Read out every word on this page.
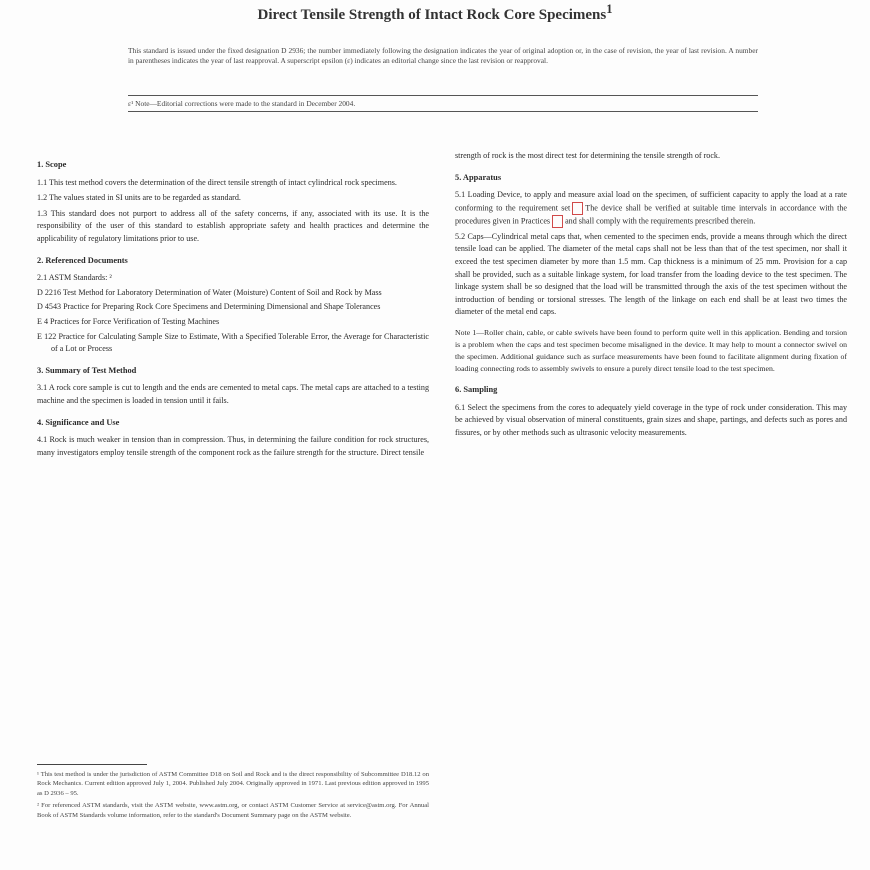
Direct Tensile Strength of Intact Rock Core Specimens$^1$
This standard is issued under the fixed designation D 2936; the number immediately following the designation indicates the year of original adoption or, in the case of revision, the year of last revision. A number in parentheses indicates the year of last reapproval. A superscript epsilon (ε) indicates an editorial change since the last revision or reapproval.
ε¹ Note—Editorial corrections were made to the standard in December 2004.
1. Scope
1.1 This test method covers the determination of the direct tensile strength of intact cylindrical rock specimens.
1.2 The values stated in SI units are to be regarded as standard.
1.3 This standard does not purport to address all of the safety concerns, if any, associated with its use. It is the responsibility of the user of this standard to establish appropriate safety and health practices and determine the applicability of regulatory limitations prior to use.
2. Referenced Documents
2.1 ASTM Standards: ²
D 2216 Test Method for Laboratory Determination of Water (Moisture) Content of Soil and Rock by Mass
D 4543 Practice for Preparing Rock Core Specimens and Determining Dimensional and Shape Tolerances
E 4 Practices for Force Verification of Testing Machines
E 122 Practice for Calculating Sample Size to Estimate, With a Specified Tolerable Error, the Average for Characteristic of a Lot or Process
3. Summary of Test Method
3.1 A rock core sample is cut to length and the ends are cemented to metal caps. The metal caps are attached to a testing machine and the specimen is loaded in tension until it fails.
4. Significance and Use
4.1 Rock is much weaker in tension than in compression. Thus, in determining the failure condition for rock structures, many investigators employ tensile strength of the component rock as the failure strength for the structure. Direct tensile
¹ This test method is under the jurisdiction of ASTM Committee D18 on Soil and Rock and is the direct responsibility of Subcommittee D18.12 on Rock Mechanics. Current edition approved July 1, 2004. Published July 2004. Originally approved in 1971. Last previous edition approved in 1995 as D 2936 – 95.
² For referenced ASTM standards, visit the ASTM website, www.astm.org, or contact ASTM Customer Service at service@astm.org. For Annual Book of ASTM Standards volume information, refer to the standard's Document Summary page on the ASTM website.
strength of rock is the most direct test for determining the tensile strength of rock.
5. Apparatus
5.1 Loading Device, to apply and measure axial load on the specimen, of sufficient capacity to apply the load at a rate conforming to the requirement set The device shall be verified at suitable time intervals in accordance with the procedures given in Practices and shall comply with the requirements prescribed therein.
5.2 Caps—Cylindrical metal caps that, when cemented to the specimen ends, provide a means through which the direct tensile load can be applied. The diameter of the metal caps shall not be less than that of the test specimen, nor shall it exceed the test specimen diameter by more than 1.5 mm. Cap thickness is a minimum of 25 mm. Provision for a cap shall be provided, such as a suitable linkage system, for load transfer from the loading device to the test specimen. The linkage system shall be so designed that the load will be transmitted through the axis of the test specimen without the introduction of bending or torsional stresses. The length of the linkage on each end shall be at least two times the diameter of the metal end caps.
Note 1—Roller chain, cable, or cable swivels have been found to perform quite well in this application. Bending and torsion is a problem when the caps and test specimen become misaligned in the device. It may help to mount a connector swivel on the specimen. Additional guidance such as surface measurements have been found to facilitate alignment during fixation of loading connecting rods to assembly swivels to ensure a purely direct tensile load to the test specimen.
6. Sampling
6.1 Select the specimens from the cores to adequately yield coverage in the type of rock under consideration. This may be achieved by visual observation of mineral constituents, grain sizes and shape, partings, and defects such as pores and fissures, or by other methods such as ultrasonic velocity measurements.
